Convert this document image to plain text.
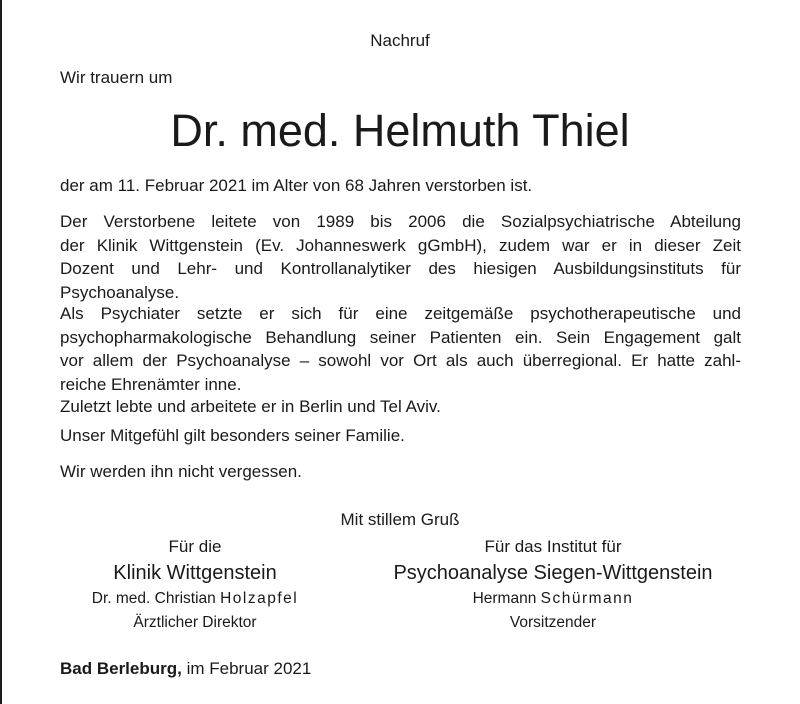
Nachruf
Wir trauern um
Dr. med. Helmuth Thiel
der am 11. Februar 2021 im Alter von 68 Jahren verstorben ist.
Der Verstorbene leitete von 1989 bis 2006 die Sozialpsychiatrische Abteilung
der Klinik Wittgenstein (Ev. Johanneswerk gGmbH), zudem war er in dieser Zeit
Dozent und Lehr- und Kontrollanalytiker des hiesigen Ausbildungsinstituts für
Psychoanalyse.
Als Psychiater setzte er sich für eine zeitgemäße psychotherapeutische und
psychopharmakologische Behandlung seiner Patienten ein. Sein Engagement galt
vor allem der Psychoanalyse – sowohl vor Ort als auch überregional. Er hatte zahl-
reiche Ehrenämter inne.
Zuletzt lebte und arbeitete er in Berlin und Tel Aviv.
Unser Mitgefühl gilt besonders seiner Familie.
Wir werden ihn nicht vergessen.
Mit stillem Gruß
Für die
Klinik Wittgenstein
Dr. med. Christian Holzapfel
Ärztlicher Direktor
Für das Institut für
Psychoanalyse Siegen-Wittgenstein
Hermann Schürmann
Vorsitzender
Bad Berleburg, im Februar 2021
